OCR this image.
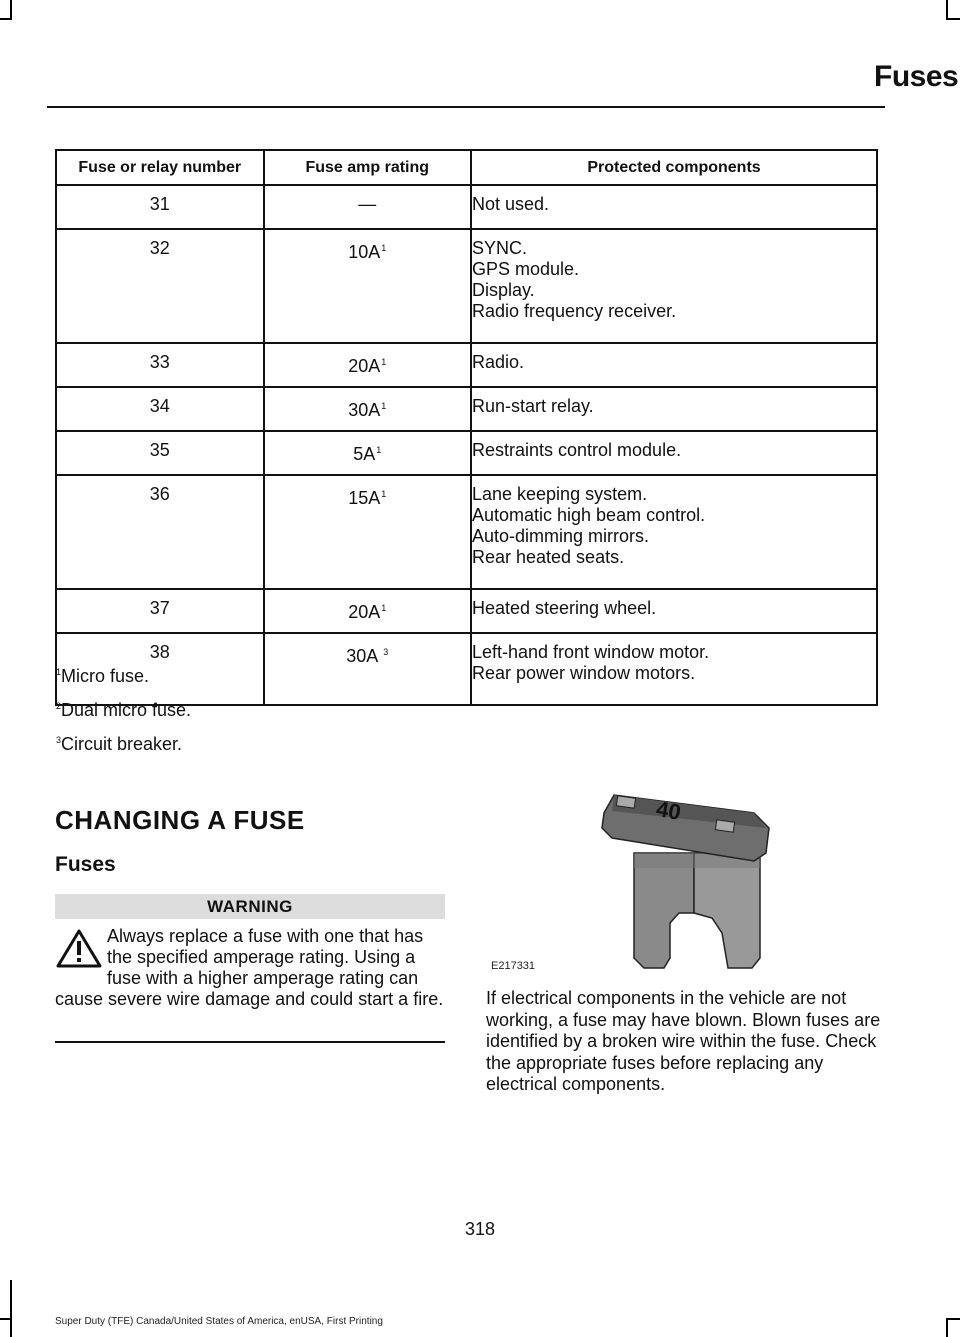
Fuses
Fuse or relay number	Fuse amp rating	Protected components
31	—	Not used.

32	$10A^1$	SYNC.
GPS module.
Display.
Radio frequency receiver.

33	$20A^1$	Radio.

34	$30A^1$	Run-start relay.

35	$5A^1$	Restraints control module.

36	$15A^1$	Lane keeping system.
Automatic high beam control.
Auto-dimming mirrors.
Rear heated seats.

37	$20A^1$	Heated steering wheel.

38	30A $^3$	Left-hand front window motor.
Rear power window motors.
$^1$Micro fuse.
$^2$Dual micro fuse.
$^3$Circuit breaker.
CHANGING A FUSE
Fuses
WARNING
Always replace a fuse with one that has the specified amperage rating. Using a fuse with a higher amperage rating can cause severe wire damage and could start a fire.
40
E217331
If electrical components in the vehicle are not working, a fuse may have blown. Blown fuses are identified by a broken wire within the fuse. Check the appropriate fuses before replacing any electrical components.
318
Super Duty (TFE) Canada/United States of America, enUSA, First Printing
